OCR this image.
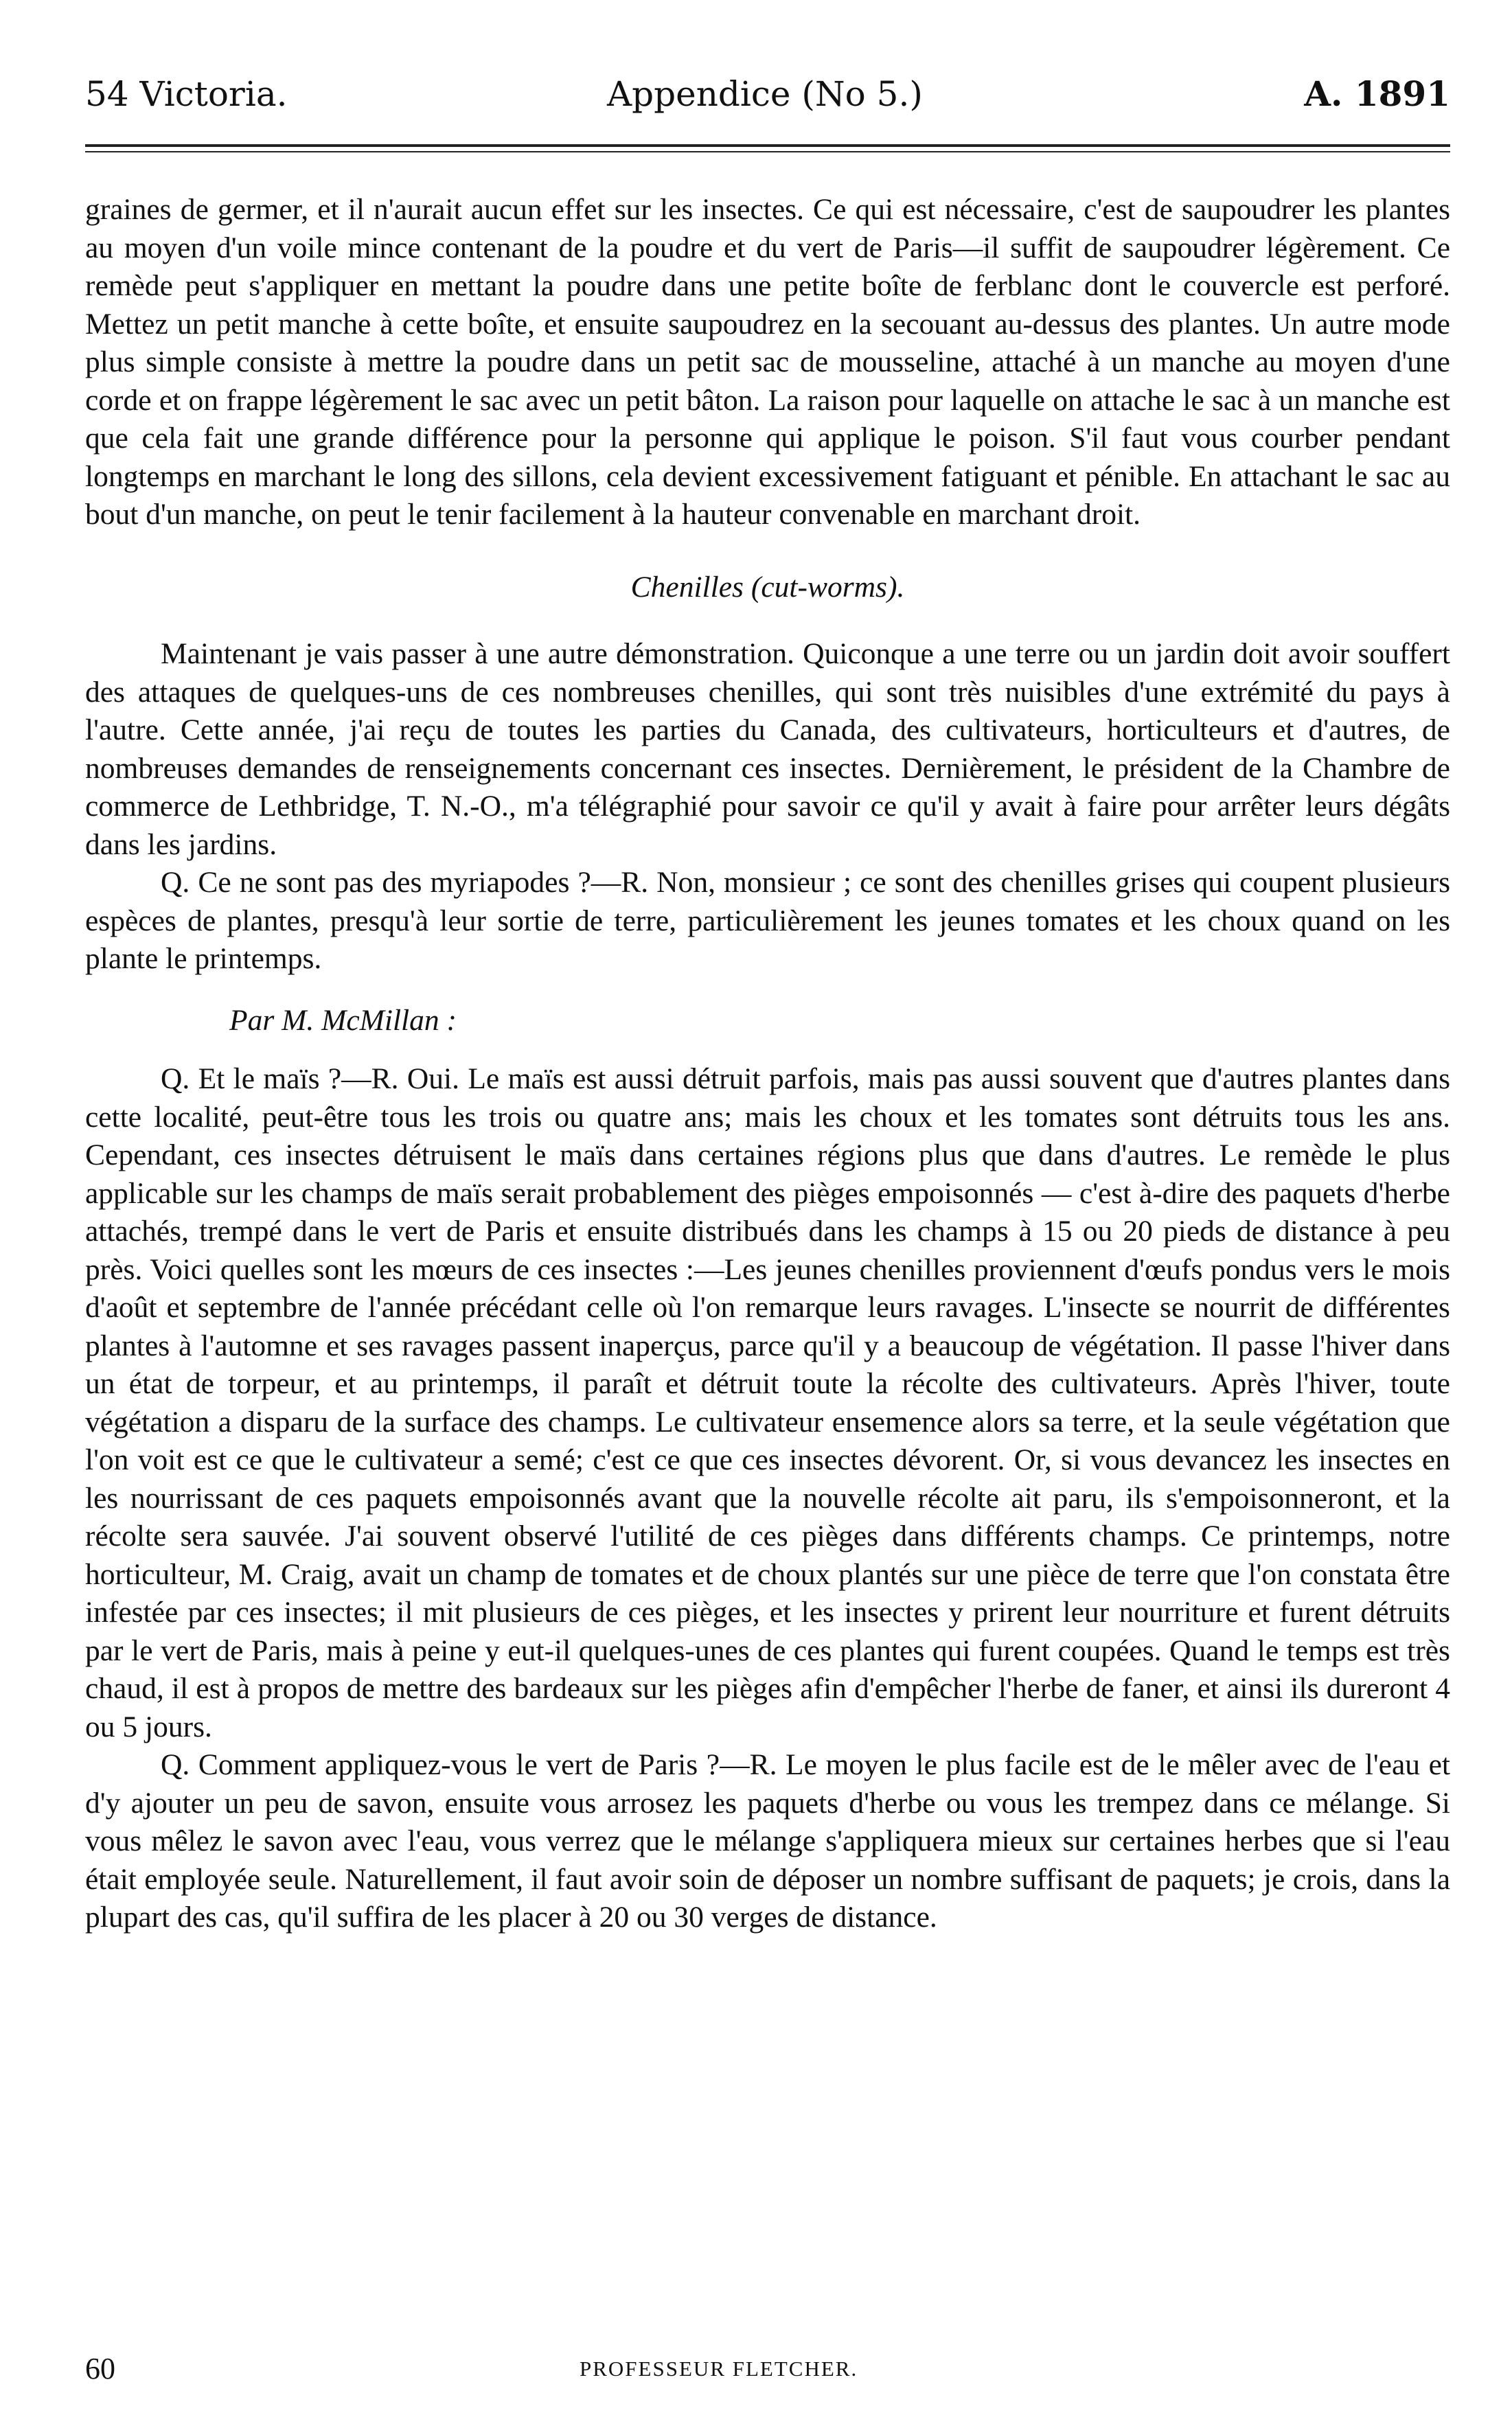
54 Victoria.	Appendice (No 5.)	A. 1891

graines de germer, et il n'aurait aucun effet sur les insectes. Ce qui est nécessaire, c'est de saupoudrer les plantes au moyen d'un voile mince contenant de la poudre et du vert de Paris—il suffit de saupoudrer légèrement. Ce remède peut s'appliquer en mettant la poudre dans une petite boîte de ferblanc dont le couvercle est perforé. Mettez un petit manche à cette boîte, et ensuite saupoudrez en la secouant au-dessus des plantes. Un autre mode plus simple consiste à mettre la poudre dans un petit sac de mousseline, attaché à un manche au moyen d'une corde et on frappe légèrement le sac avec un petit bâton. La raison pour laquelle on attache le sac à un manche est que cela fait une grande différence pour la personne qui applique le poison. S'il faut vous courber pendant longtemps en marchant le long des sillons, cela devient excessivement fatiguant et pénible. En attachant le sac au bout d'un manche, on peut le tenir facilement à la hauteur convenable en marchant droit.

Chenilles (cut-worms).

Maintenant je vais passer à une autre démonstration. Quiconque a une terre ou un jardin doit avoir souffert des attaques de quelques-uns de ces nombreuses chenilles, qui sont très nuisibles d'une extrémité du pays à l'autre. Cette année, j'ai reçu de toutes les parties du Canada, des cultivateurs, horticulteurs et d'autres, de nombreuses demandes de renseignements concernant ces insectes. Dernièrement, le président de la Chambre de commerce de Lethbridge, T. N.-O., m'a télégraphié pour savoir ce qu'il y avait à faire pour arrêter leurs dégâts dans les jardins.

Q. Ce ne sont pas des myriapodes ?—R. Non, monsieur ; ce sont des chenilles grises qui coupent plusieurs espèces de plantes, presqu'à leur sortie de terre, particulièrement les jeunes tomates et les choux quand on les plante le printemps.

Par M. McMillan :

Q. Et le maïs ?—R. Oui. Le maïs est aussi détruit parfois, mais pas aussi souvent que d'autres plantes dans cette localité, peut-être tous les trois ou quatre ans; mais les choux et les tomates sont détruits tous les ans. Cependant, ces insectes détruisent le maïs dans certaines régions plus que dans d'autres. Le remède le plus applicable sur les champs de maïs serait probablement des pièges empoisonnés — c'est à-dire des paquets d'herbe attachés, trempé dans le vert de Paris et ensuite distribués dans les champs à 15 ou 20 pieds de distance à peu près. Voici quelles sont les mœurs de ces insectes :—Les jeunes chenilles proviennent d'œufs pondus vers le mois d'août et septembre de l'année précédant celle où l'on remarque leurs ravages. L'insecte se nourrit de différentes plantes à l'automne et ses ravages passent inaperçus, parce qu'il y a beaucoup de végétation. Il passe l'hiver dans un état de torpeur, et au printemps, il paraît et détruit toute la récolte des cultivateurs. Après l'hiver, toute végétation a disparu de la surface des champs. Le cultivateur ensemence alors sa terre, et la seule végétation que l'on voit est ce que le cultivateur a semé; c'est ce que ces insectes dévorent. Or, si vous devancez les insectes en les nourrissant de ces paquets empoisonnés avant que la nouvelle récolte ait paru, ils s'empoisonneront, et la récolte sera sauvée. J'ai souvent observé l'utilité de ces pièges dans différents champs. Ce printemps, notre horticulteur, M. Craig, avait un champ de tomates et de choux plantés sur une pièce de terre que l'on constata être infestée par ces insectes; il mit plusieurs de ces pièges, et les insectes y prirent leur nourriture et furent détruits par le vert de Paris, mais à peine y eut-il quelques-unes de ces plantes qui furent coupées. Quand le temps est très chaud, il est à propos de mettre des bardeaux sur les pièges afin d'empêcher l'herbe de faner, et ainsi ils dureront 4 ou 5 jours.

Q. Comment appliquez-vous le vert de Paris ?—R. Le moyen le plus facile est de le mêler avec de l'eau et d'y ajouter un peu de savon, ensuite vous arrosez les paquets d'herbe ou vous les trempez dans ce mélange. Si vous mêlez le savon avec l'eau, vous verrez que le mélange s'appliquera mieux sur certaines herbes que si l'eau était employée seule. Naturellement, il faut avoir soin de déposer un nombre suffisant de paquets; je crois, dans la plupart des cas, qu'il suffira de les placer à 20 ou 30 verges de distance.

60	PROFESSEUR FLETCHER.
